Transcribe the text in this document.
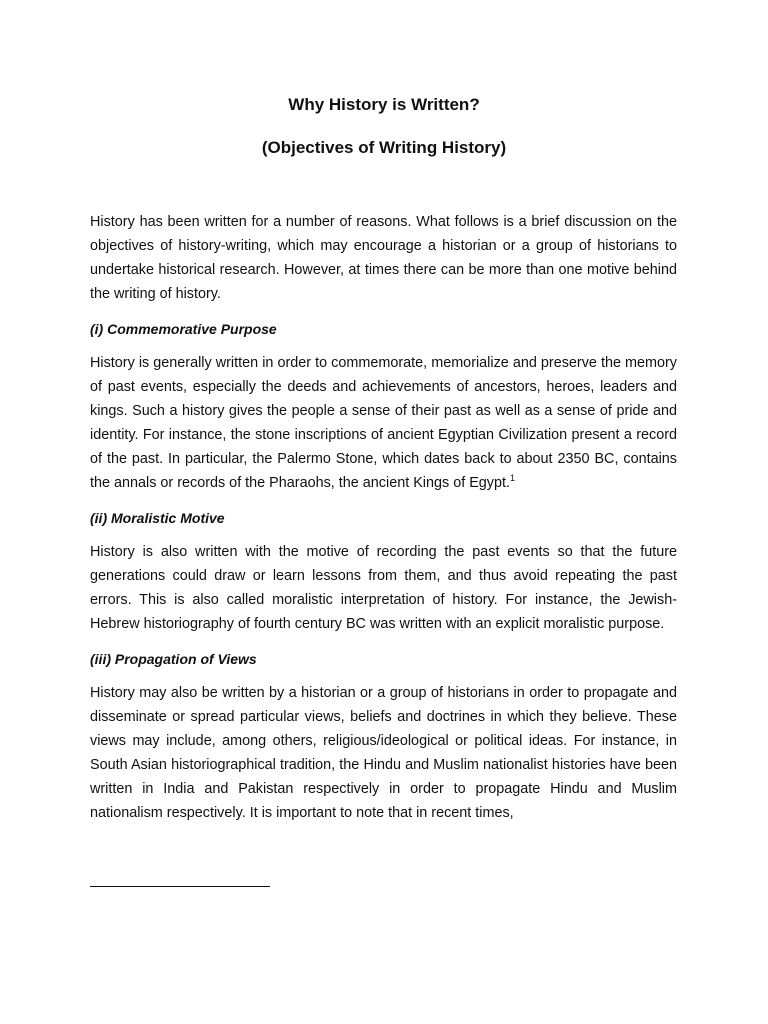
Why History is Written?
(Objectives of Writing History)

History has been written for a number of reasons. What follows is a brief discussion on the objectives of history-writing, which may encourage a historian or a group of historians to undertake historical research. However, at times there can be more than one motive behind the writing of history.

(i) Commemorative Purpose

History is generally written in order to commemorate, memorialize and preserve the memory of past events, especially the deeds and achievements of ancestors, heroes, leaders and kings. Such a history gives the people a sense of their past as well as a sense of pride and identity. For instance, the stone inscriptions of ancient Egyptian Civilization present a record of the past. In particular, the Palermo Stone, which dates back to about 2350 BC, contains the annals or records of the Pharaohs, the ancient Kings of Egypt.$^1$

(ii) Moralistic Motive

History is also written with the motive of recording the past events so that the future generations could draw or learn lessons from them, and thus avoid repeating the past errors. This is also called moralistic interpretation of history. For instance, the Jewish-Hebrew historiography of fourth century BC was written with an explicit moralistic purpose.

(iii) Propagation of Views

History may also be written by a historian or a group of historians in order to propagate and disseminate or spread particular views, beliefs and doctrines in which they believe. These views may include, among others, religious/ideological or political ideas. For instance, in South Asian historiographical tradition, the Hindu and Muslim nationalist histories have been written in India and Pakistan respectively in order to propagate Hindu and Muslim nationalism respectively. It is important to note that in recent times,
